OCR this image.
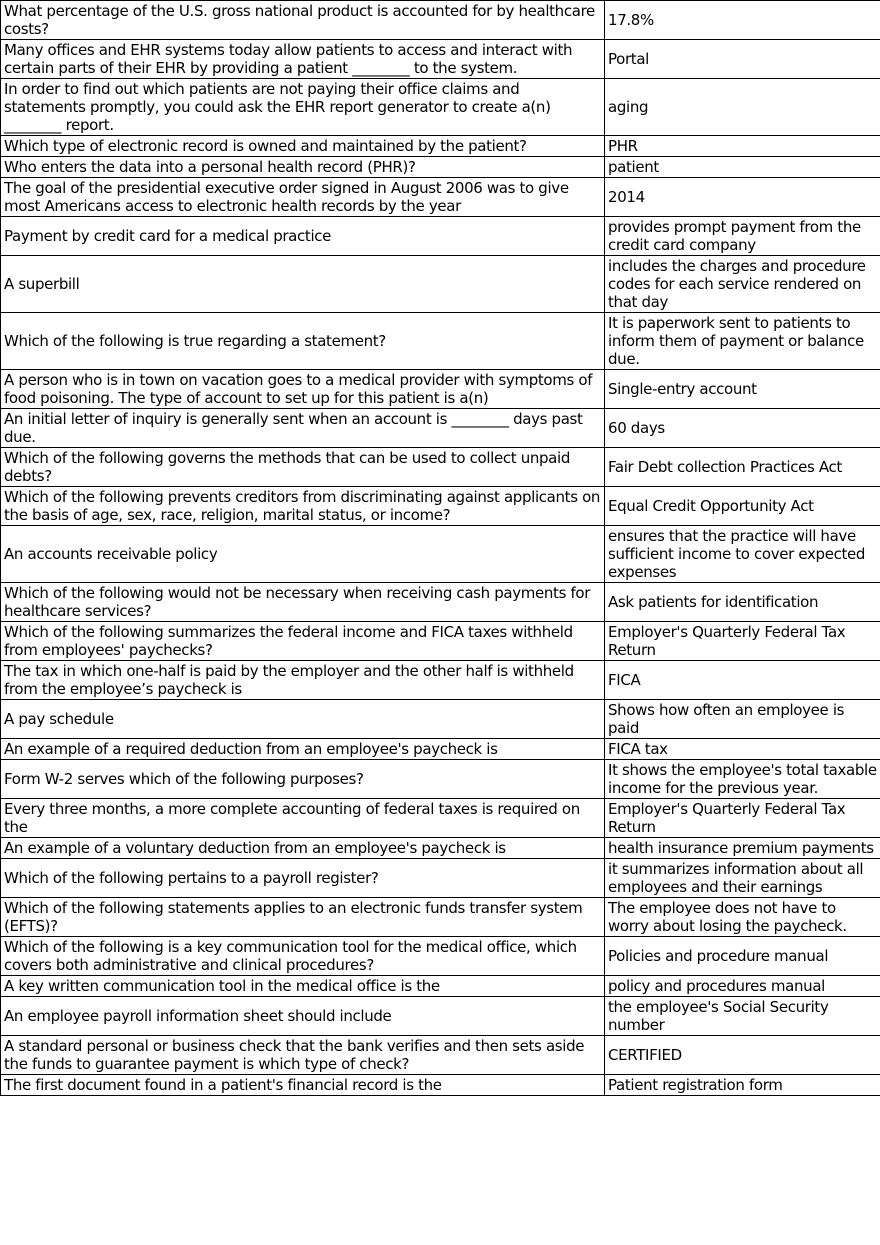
What percentage of the U.S. gross national product is accounted for by healthcare costs?	17.8%
Many offices and EHR systems today allow patients to access and interact with certain parts of their EHR by providing a patient ________ to the system.	Portal
In order to find out which patients are not paying their office claims and statements promptly, you could ask the EHR report generator to create a(n) ________ report.	aging
Which type of electronic record is owned and maintained by the patient?	PHR
Who enters the data into a personal health record (PHR)?	patient
The goal of the presidential executive order signed in August 2006 was to give most Americans access to electronic health records by the year	2014
Payment by credit card for a medical practice	provides prompt payment from the credit card company
A superbill	includes the charges and procedure codes for each service rendered on that day
Which of the following is true regarding a statement?	It is paperwork sent to patients to inform them of payment or balance due.
A person who is in town on vacation goes to a medical provider with symptoms of food poisoning. The type of account to set up for this patient is a(n)	Single-entry account
An initial letter of inquiry is generally sent when an account is ________ days past due.	60 days
Which of the following governs the methods that can be used to collect unpaid debts?	Fair Debt collection Practices Act
Which of the following prevents creditors from discriminating against applicants on the basis of age, sex, race, religion, marital status, or income?	Equal Credit Opportunity Act
An accounts receivable policy	ensures that the practice will have sufficient income to cover expected expenses
Which of the following would not be necessary when receiving cash payments for healthcare services?	Ask patients for identification
Which of the following summarizes the federal income and FICA taxes withheld from employees' paychecks?	Employer's Quarterly Federal Tax Return
The tax in which one-half is paid by the employer and the other half is withheld from the employee’s paycheck is	FICA
A pay schedule	Shows how often an employee is paid
An example of a required deduction from an employee's paycheck is	FICA tax
Form W-2 serves which of the following purposes?	It shows the employee's total taxable income for the previous year.
Every three months, a more complete accounting of federal taxes is required on the	Employer's Quarterly Federal Tax Return
An example of a voluntary deduction from an employee's paycheck is	health insurance premium payments
Which of the following pertains to a payroll register?	it summarizes information about all employees and their earnings
Which of the following statements applies to an electronic funds transfer system (EFTS)?	The employee does not have to worry about losing the paycheck.
Which of the following is a key communication tool for the medical office, which covers both administrative and clinical procedures?	Policies and procedure manual
A key written communication tool in the medical office is the	policy and procedures manual
An employee payroll information sheet should include	the employee's Social Security number
A standard personal or business check that the bank verifies and then sets aside the funds to guarantee payment is which type of check?	CERTIFIED
The first document found in a patient's financial record is the	Patient registration form
